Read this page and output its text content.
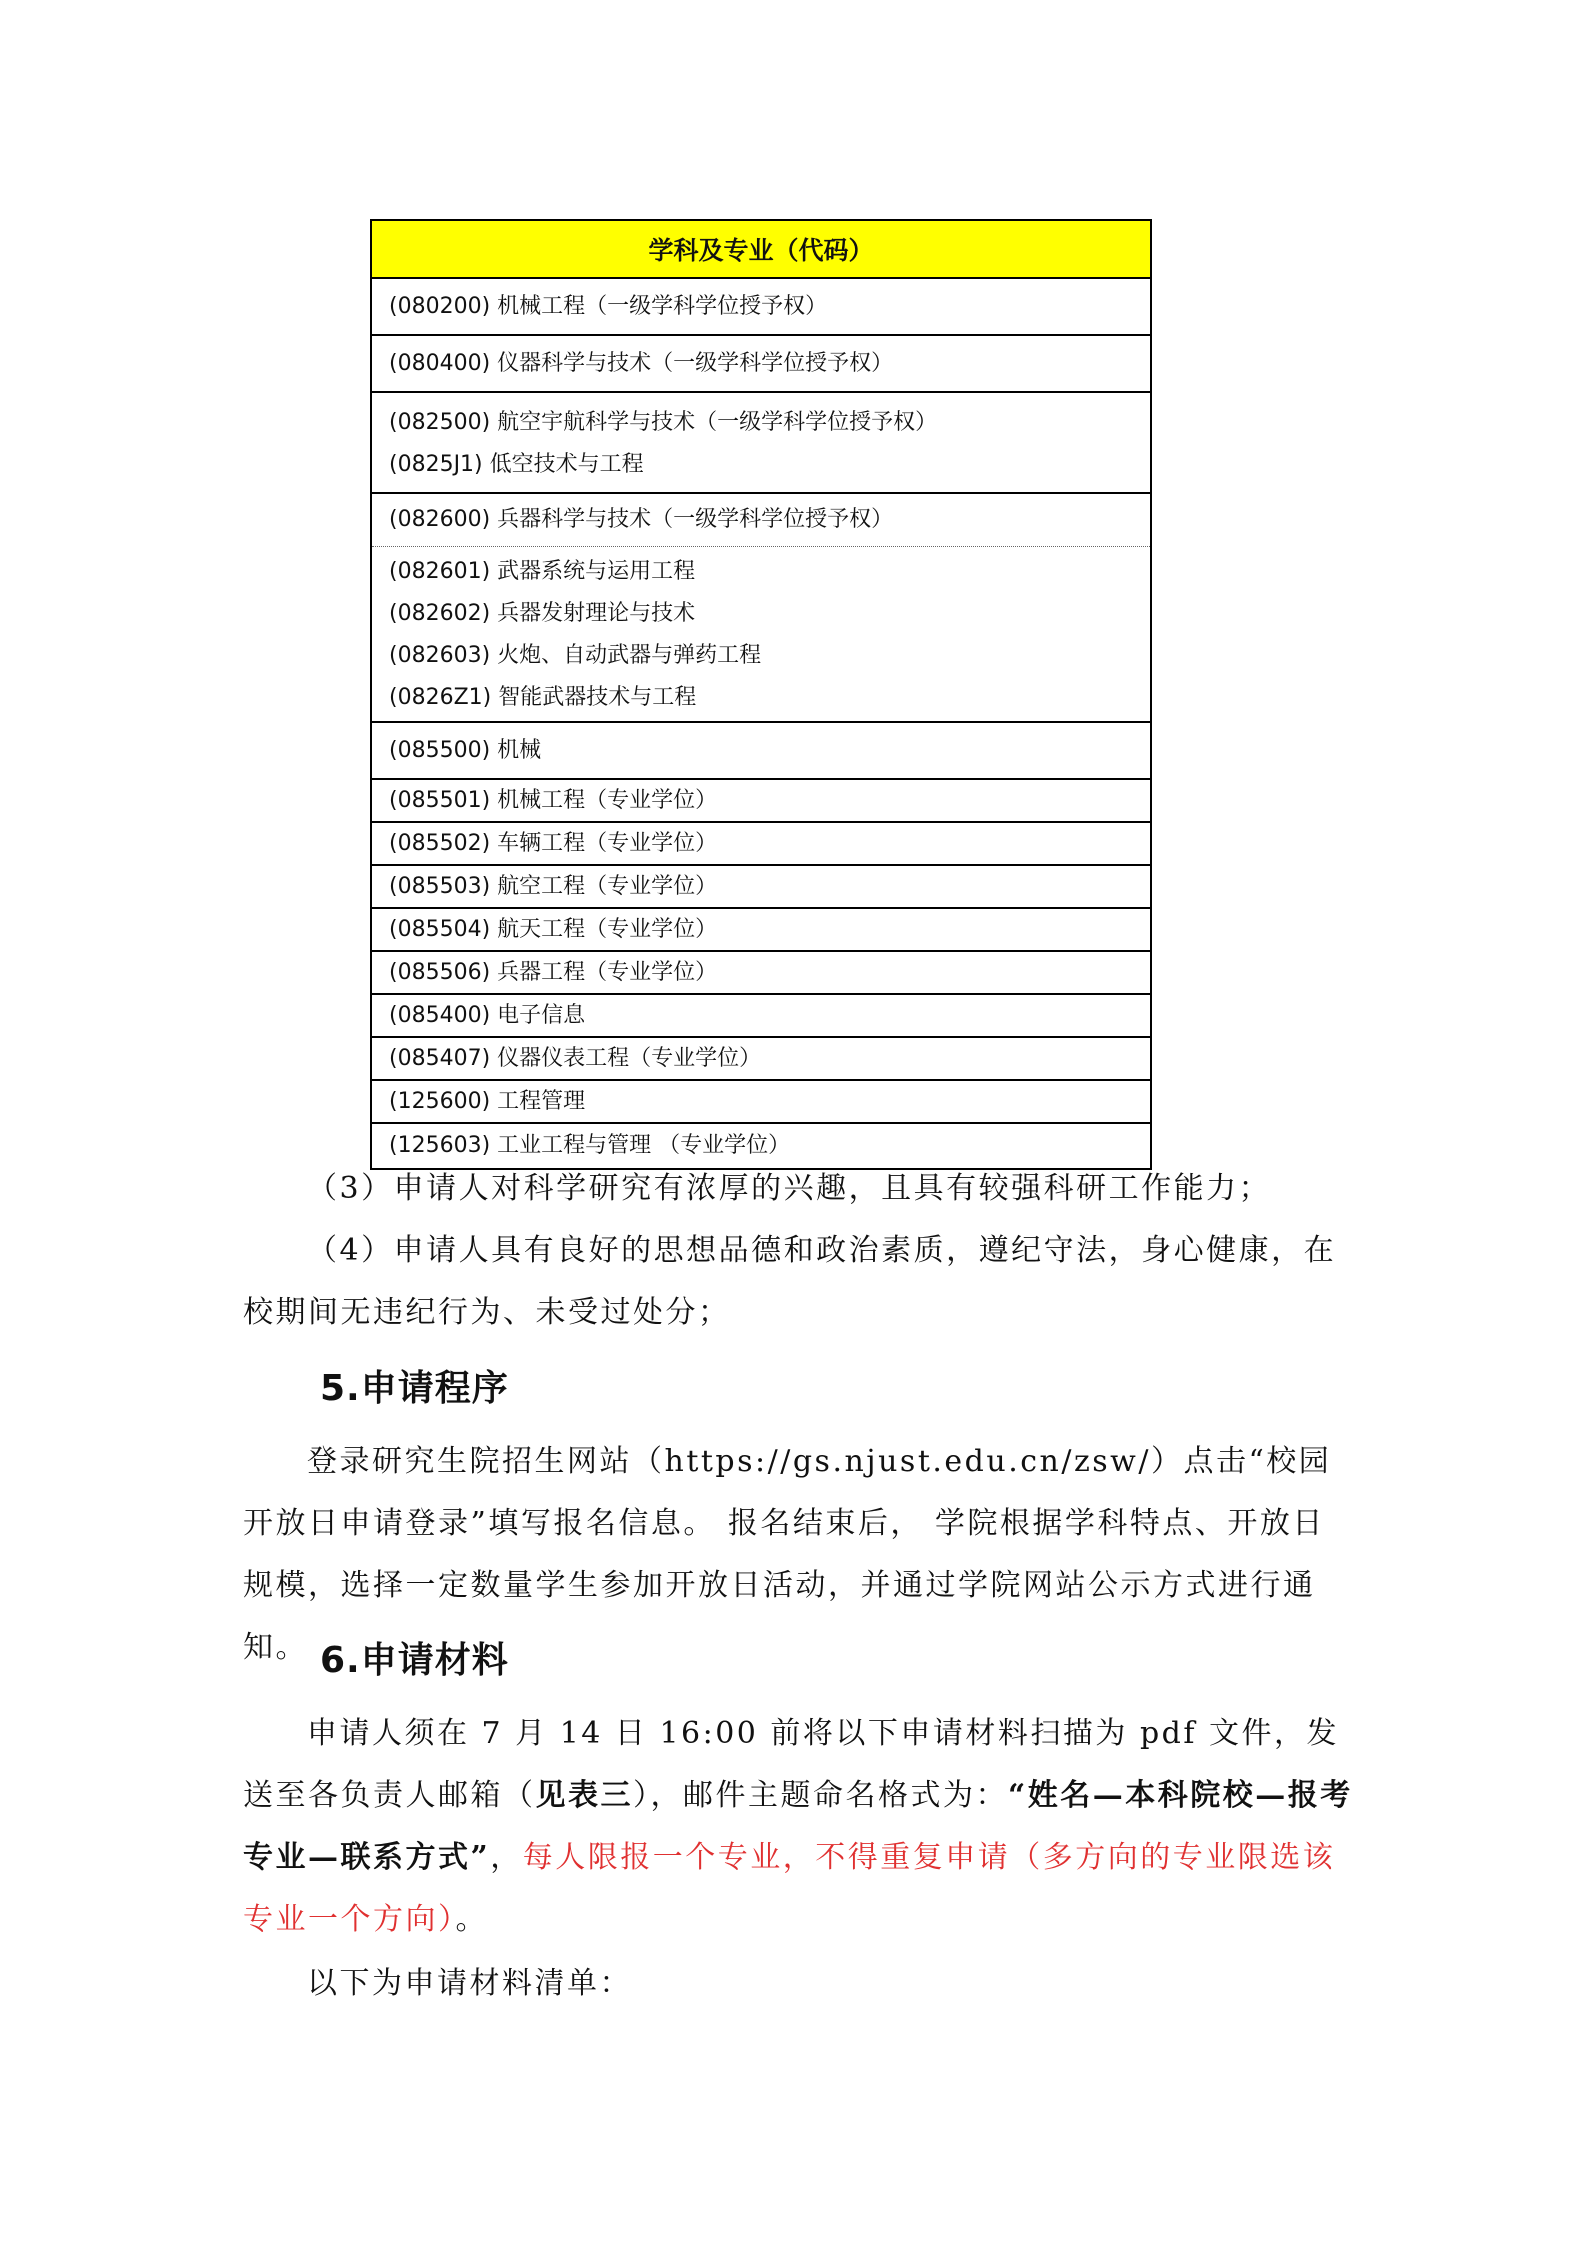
学科及专业（代码）
(080200) 机械工程（一级学科学位授予权）
(080400) 仪器科学与技术（一级学科学位授予权）
(082500) 航空宇航科学与技术（一级学科学位授予权）
(0825J1) 低空技术与工程
(082600) 兵器科学与技术（一级学科学位授予权）
(082601) 武器系统与运用工程
(082602) 兵器发射理论与技术
(082603) 火炮、自动武器与弹药工程
(0826Z1) 智能武器技术与工程
(085500) 机械
(085501) 机械工程（专业学位）
(085502) 车辆工程（专业学位）
(085503) 航空工程（专业学位）
(085504) 航天工程（专业学位）
(085506) 兵器工程（专业学位）
(085400) 电子信息
(085407) 仪器仪表工程（专业学位）
(125600) 工程管理
(125603) 工业工程与管理 （专业学位）

（3）申请人对科学研究有浓厚的兴趣，且具有较强科研工作能力；

（4）申请人具有良好的思想品德和政治素质，遵纪守法，身心健康，在校期间无违纪行为、未受过处分；

5.申请程序

登录研究生院招生网站（https://gs.njust.edu.cn/zsw/）点击“校园开放日申请登录”填写报名信息。 报名结束后， 学院根据学科特点、开放日规模，选择一定数量学生参加开放日活动，并通过学院网站公示方式进行通知。 6.申请材料

申请人须在 7 月 14 日 16:00 前将以下申请材料扫描为 pdf 文件，发送至各负责人邮箱（见表三），邮件主题命名格式为：“姓名—本科院校—报考专业—联系方式”，每人限报一个专业，不得重复申请（多方向的专业限选该专业一个方向）。

以下为申请材料清单：
